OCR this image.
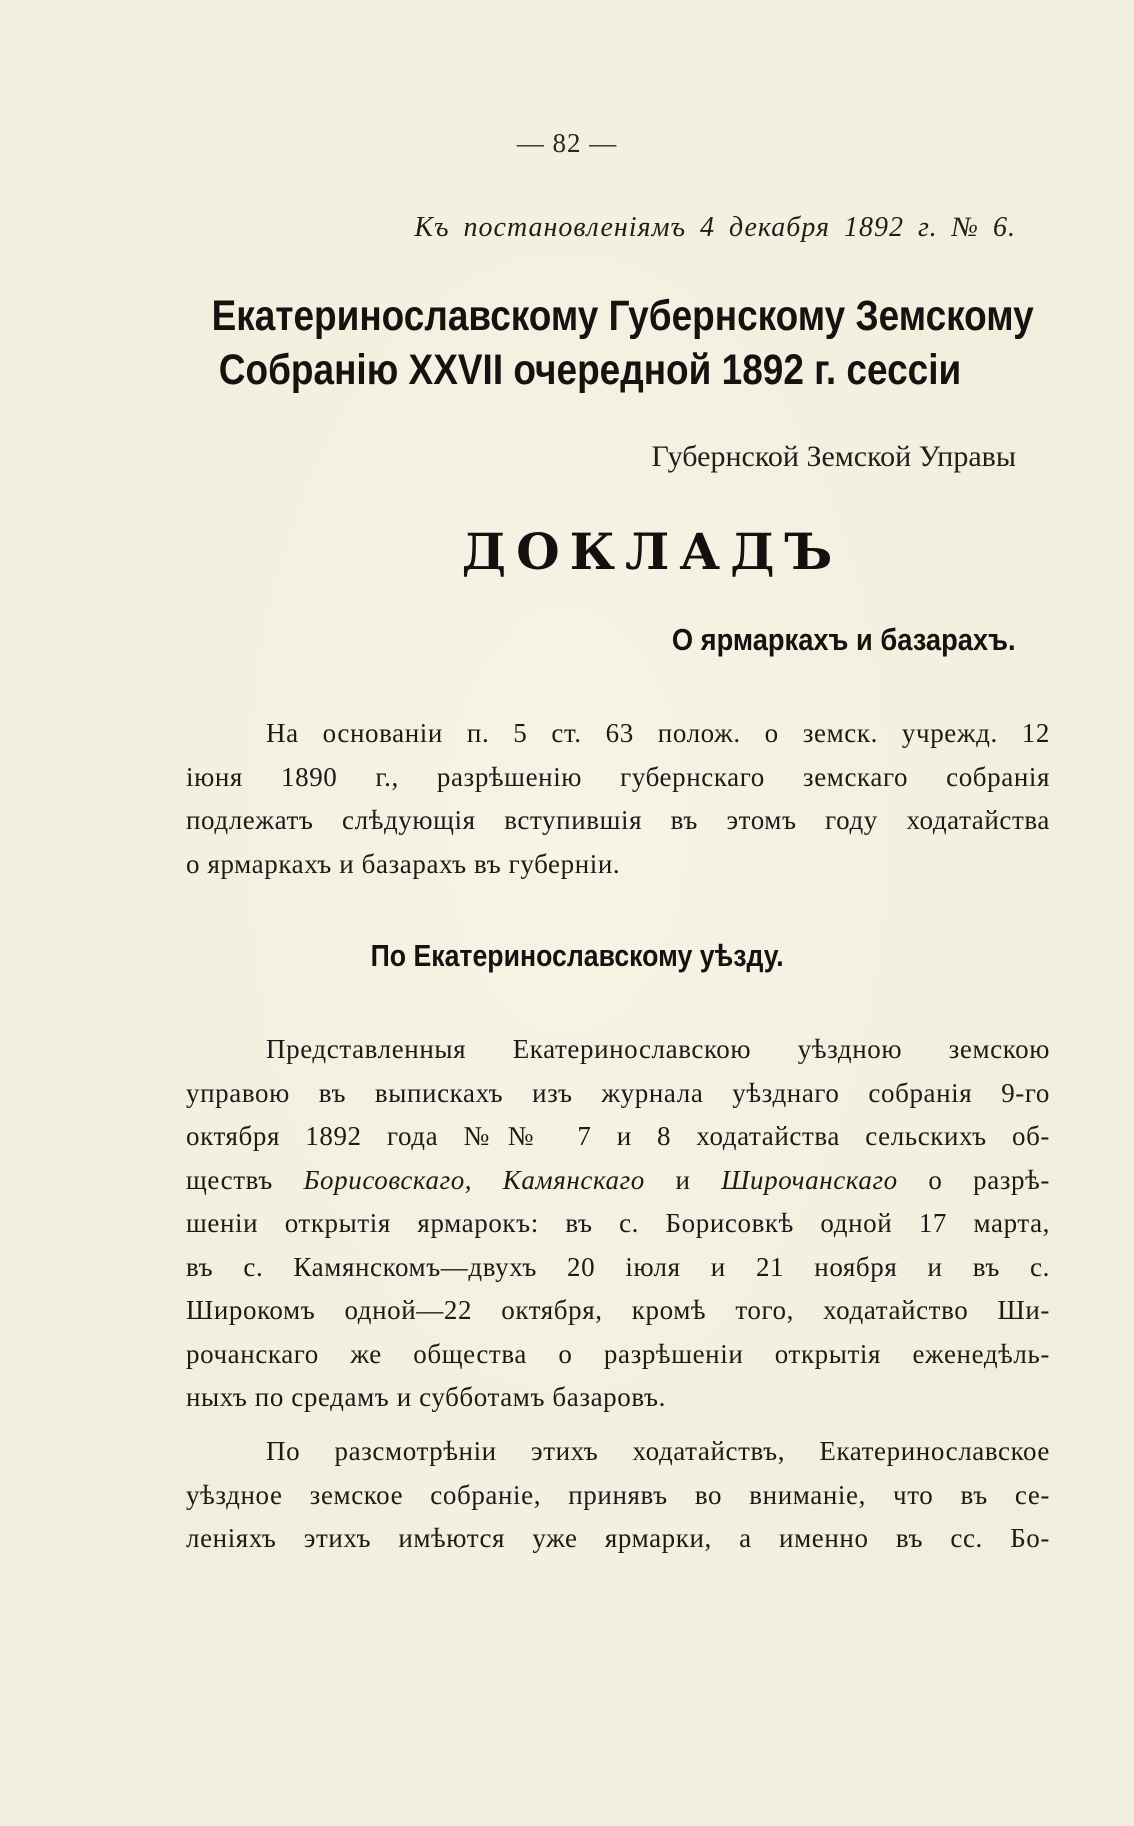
— 82 —
Къ постановленіямъ 4 декабря 1892 г. № 6.
Екатеринославскому Губернскому Земскому
Собранію XXVII очередной 1892 г. сессіи
Губернской Земской Управы
ДОКЛАДЪ
О ярмаркахъ и базарахъ.
На основаніи п. 5 ст. 63 полож. о земск. учрежд. 12
іюня 1890 г., разрѣшенію губернскаго земскаго собранія
подлежатъ слѣдующія вступившія въ этомъ году ходатайства
о ярмаркахъ и базарахъ въ губерніи.
По Екатеринославскому уѣзду.
Представленныя Екатеринославскою уѣздною земскою
управою въ выпискахъ изъ журнала уѣзднаго собранія 9-го
октября 1892 года №№ 7 и 8 ходатайства сельскихъ об-
ществъ Борисовскаго, Камянскаго и Широчанскаго о разрѣ-
шеніи открытія ярмарокъ: въ с. Борисовкѣ одной 17 марта,
въ с. Камянскомъ—двухъ 20 іюля и 21 ноября и въ с.
Широкомъ одной—22 октября, кромѣ того, ходатайство Ши-
рочанскаго же общества о разрѣшеніи открытія еженедѣль-
ныхъ по средамъ и субботамъ базаровъ.
По разсмотрѣніи этихъ ходатайствъ, Екатеринославское
уѣздное земское собраніе, принявъ во вниманіе, что въ се-
леніяхъ этихъ имѣются уже ярмарки, а именно въ сс. Бо-
